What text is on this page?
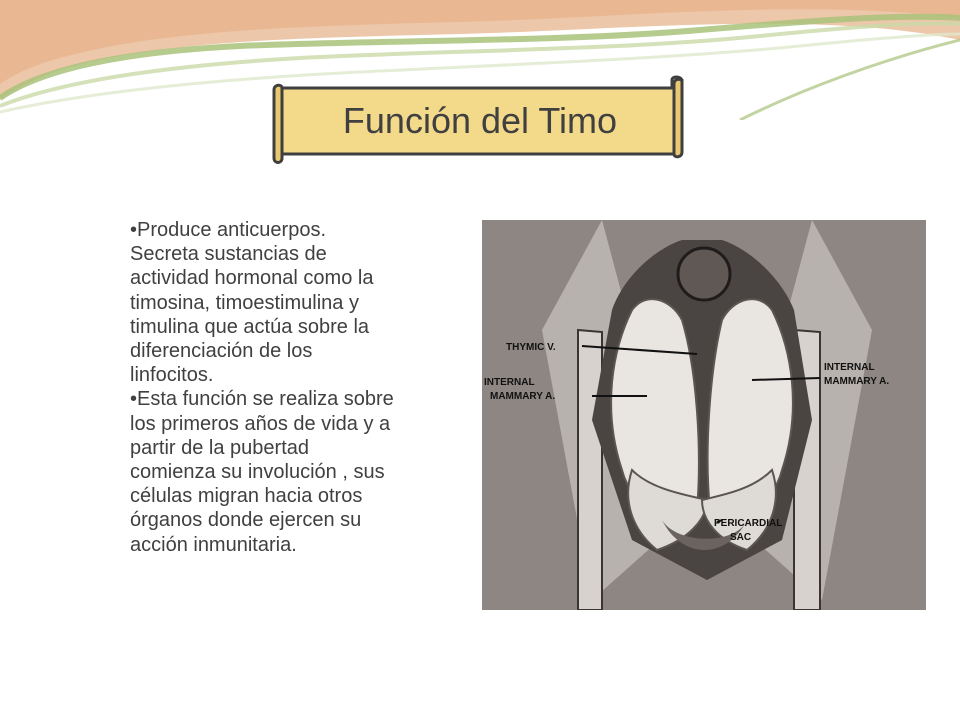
Función del Timo

•Produce anticuerpos. Secreta sustancias de actividad hormonal como la timosina, timoestimulina y timulina que actúa sobre la diferenciación de los linfocitos.

•Esta función se realiza sobre los primeros años de vida y a partir de la pubertad comienza su involución , sus células migran hacia otros órganos donde ejercen su acción inmunitaria.

THYMIC V.
INTERNAL
MAMMARY A.
INTERNAL
MAMMARY A.
PERICARDIAL
SAC
